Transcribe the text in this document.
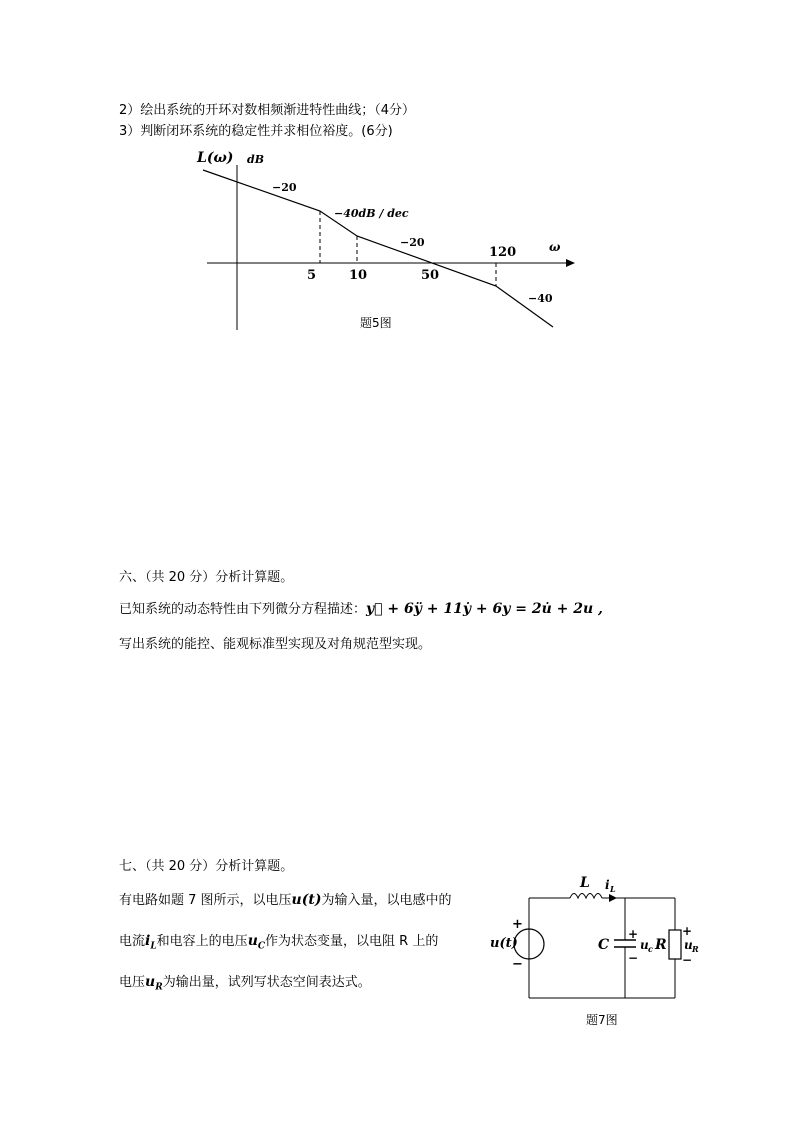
2）绘出系统的开环对数相频渐进特性曲线；（4分）
3）判断闭环系统的稳定性并求相位裕度。(6分)
L(ω) dB
ω
−20
−40dB / dec
−20
−40
5	10	50
120
题5图
六、（共 20 分）分析计算题。
已知系统的动态特性由下列微分方程描述：y⃛ + 6ÿ + 11ẏ + 6y = 2u̇ + 2u ,
写出系统的能控、能观标准型实现及对角规范型实现。
七、（共 20 分）分析计算题。
有电路如题 7 图所示，以电压u(t)为输入量，以电感中的
电流$i_L$和电容上的电压$u_C$作为状态变量，以电阻 R 上的
电压$u_R$为输出量，试列写状态空间表达式。
L i L
+
u(t)
−
C
+
u c
−
R
+
u R
−
题7图
